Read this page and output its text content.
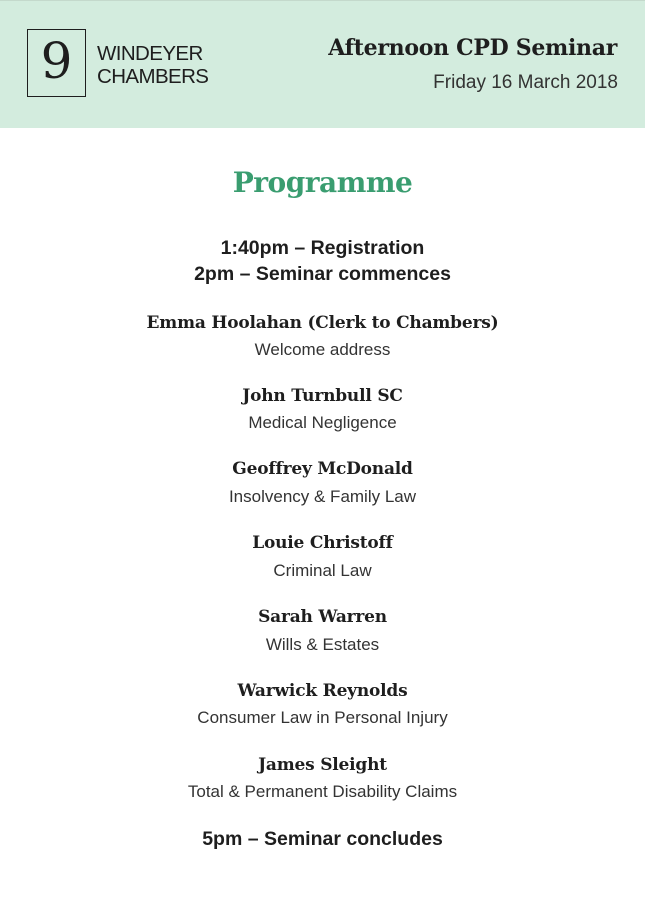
9 WINDEYER
CHAMBERS
Afternoon CPD Seminar
Friday 16 March 2018
Programme
1:40pm – Registration
2pm – Seminar commences
Emma Hoolahan (Clerk to Chambers)
Welcome address
John Turnbull SC
Medical Negligence
Geoffrey McDonald
Insolvency & Family Law
Louie Christoff
Criminal Law
Sarah Warren
Wills & Estates
Warwick Reynolds
Consumer Law in Personal Injury
James Sleight
Total & Permanent Disability Claims
5pm – Seminar concludes
